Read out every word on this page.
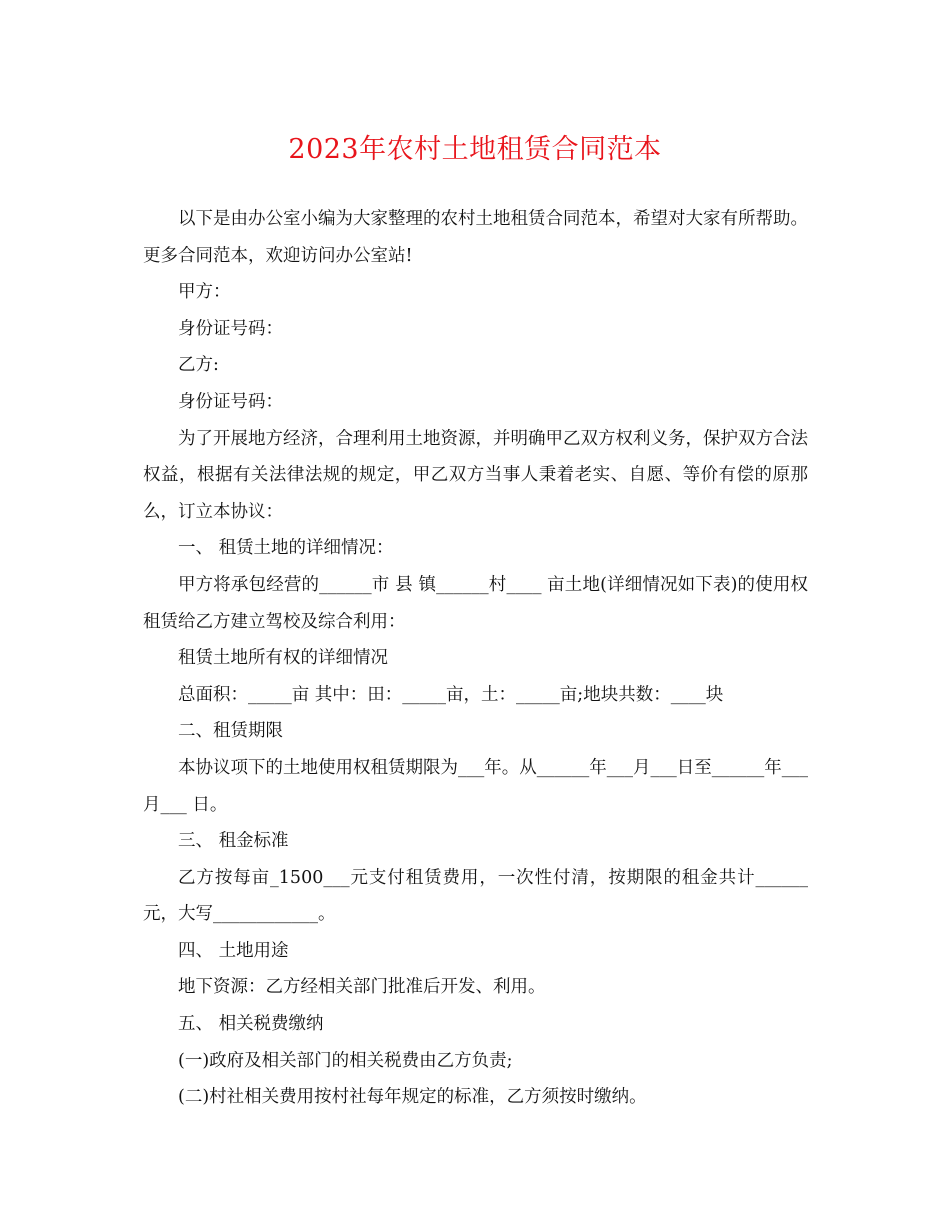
2023年农村土地租赁合同范本

以下是由办公室小编为大家整理的农村土地租赁合同范本，希望对大家有所帮助。更多合同范本，欢迎访问办公室站!

甲方：

身份证号码：

乙方:

身份证号码：

为了开展地方经济，合理利用土地资源，并明确甲乙双方权利义务，保护双方合法权益，根据有关法律法规的规定，甲乙双方当事人秉着老实、自愿、等价有偿的原那么，订立本协议：

一、 租赁土地的详细情况：

甲方将承包经营的______市 县 镇______村____ 亩土地(详细情况如下表)的使用权租赁给乙方建立驾校及综合利用：

租赁土地所有权的详细情况

总面积：_____亩 其中：田：_____亩，土：_____亩;地块共数：____块

二、租赁期限

本协议项下的土地使用权租赁期限为___年。从______年___月___日至______年___月___ 日。

三、 租金标准

乙方按每亩_1500___元支付租赁费用，一次性付清，按期限的租金共计______元，大写____________。

四、 土地用途

地下资源：乙方经相关部门批准后开发、利用。

五、 相关税费缴纳

(一)政府及相关部门的相关税费由乙方负责;

(二)村社相关费用按村社每年规定的标准，乙方须按时缴纳。
